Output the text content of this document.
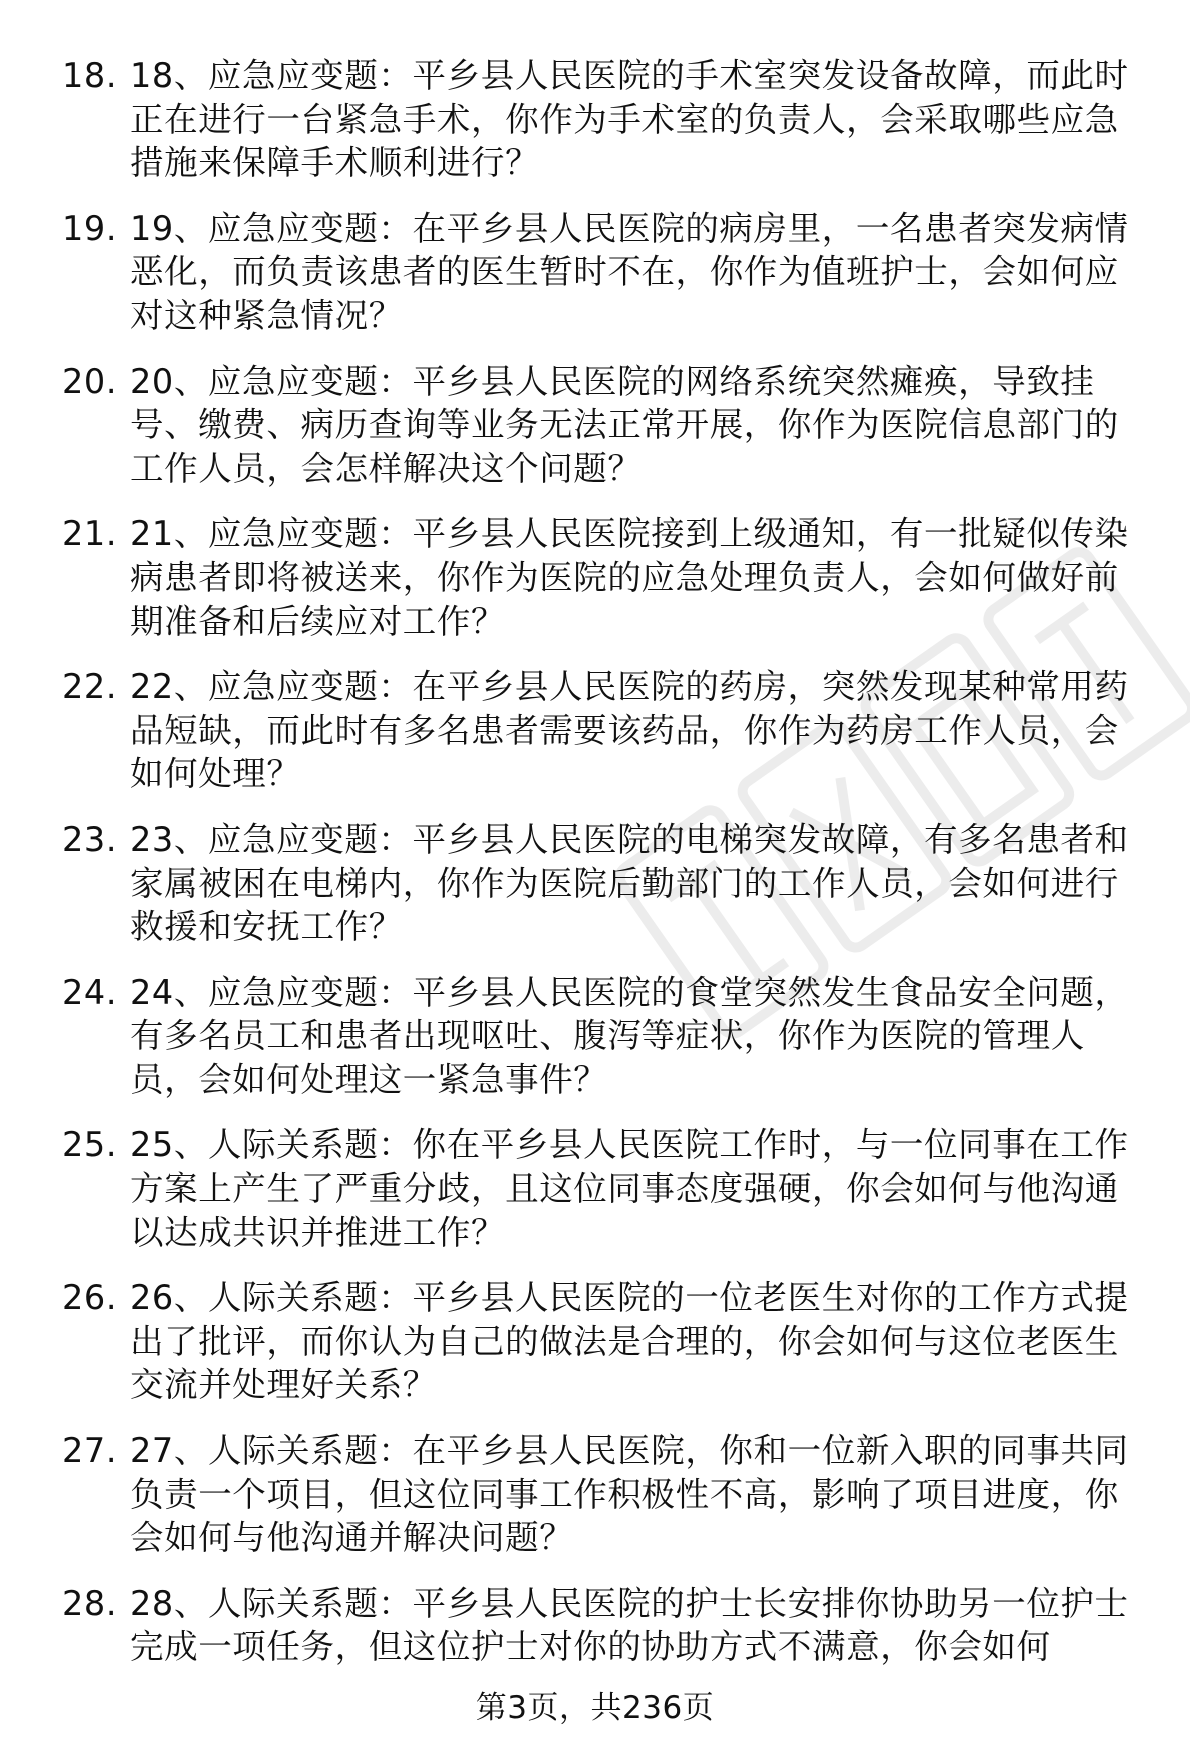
18. 18、应急应变题：平乡县人民医院的手术室突发设备故障，而此时正在进行一台紧急手术，你作为手术室的负责人，会采取哪些应急措施来保障手术顺利进行？
19. 19、应急应变题：在平乡县人民医院的病房里，一名患者突发病情恶化，而负责该患者的医生暂时不在，你作为值班护士，会如何应对这种紧急情况？
20. 20、应急应变题：平乡县人民医院的网络系统突然瘫痪，导致挂号、缴费、病历查询等业务无法正常开展，你作为医院信息部门的工作人员，会怎样解决这个问题？
21. 21、应急应变题：平乡县人民医院接到上级通知，有一批疑似传染病患者即将被送来，你作为医院的应急处理负责人，会如何做好前期准备和后续应对工作？
22. 22、应急应变题：在平乡县人民医院的药房，突然发现某种常用药品短缺，而此时有多名患者需要该药品，你作为药房工作人员，会如何处理？
23. 23、应急应变题：平乡县人民医院的电梯突发故障，有多名患者和家属被困在电梯内，你作为医院后勤部门的工作人员，会如何进行救援和安抚工作？
24. 24、应急应变题：平乡县人民医院的食堂突然发生食品安全问题，有多名员工和患者出现呕吐、腹泻等症状，你作为医院的管理人员，会如何处理这一紧急事件？
25. 25、人际关系题：你在平乡县人民医院工作时，与一位同事在工作方案上产生了严重分歧，且这位同事态度强硬，你会如何与他沟通以达成共识并推进工作？
26. 26、人际关系题：平乡县人民医院的一位老医生对你的工作方式提出了批评，而你认为自己的做法是合理的，你会如何与这位老医生交流并处理好关系？
27. 27、人际关系题：在平乡县人民医院，你和一位新入职的同事共同负责一个项目，但这位同事工作积极性不高，影响了项目进度，你会如何与他沟通并解决问题？
28. 28、人际关系题：平乡县人民医院的护士长安排你协助另一位护士完成一项任务，但这位护士对你的协助方式不满意，你会如何
第3页，共236页
